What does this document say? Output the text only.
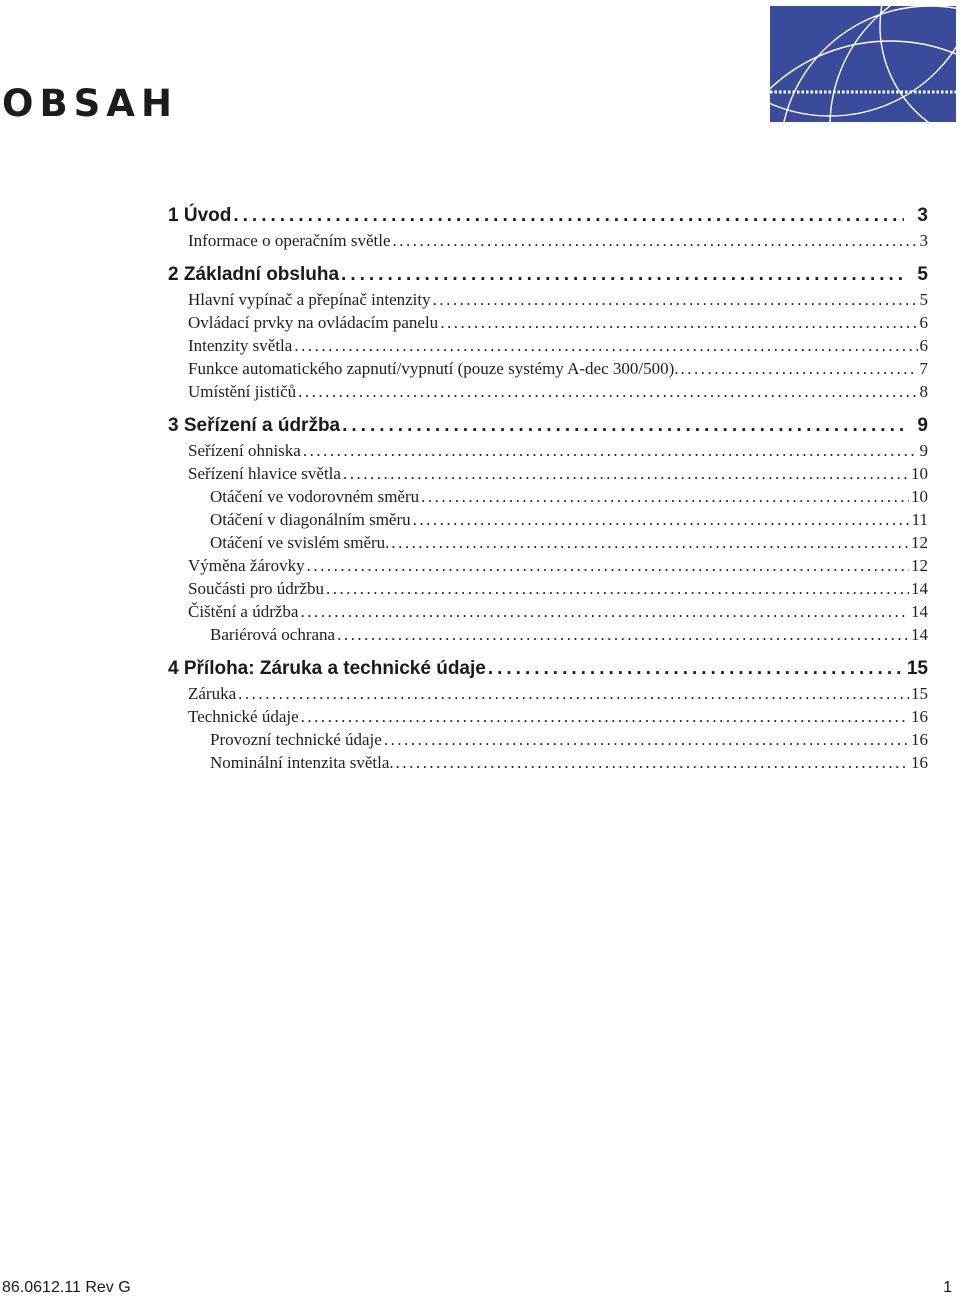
OBSAH
1 Úvod .....	3
Informace o operačním světle .....	3
2 Základní obsluha .....	5
Hlavní vypínač a přepínač intenzity .....	5
Ovládací prvky na ovládacím panelu .....	6
Intenzity světla .....	6
Funkce automatického zapnutí/vypnutí (pouze systémy A-dec 300/500). .....	7
Umístění jističů .....	8
3 Seřízení a údržba .....	9
Seřízení ohniska .....	9
Seřízení hlavice světla .....	10
Otáčení ve vodorovném směru .....	10
Otáčení v diagonálním směru .....	11
Otáčení ve svislém směru. .....	12
Výměna žárovky .....	12
Součásti pro údržbu .....	14
Čištění a údržba .....	14
Bariérová ochrana .....	14
4 Příloha: Záruka a technické údaje .....	15
Záruka .....	15
Technické údaje .....	16
Provozní technické údaje .....	16
Nominální intenzita světla. .....	16
86.0612.11 Rev G	1
